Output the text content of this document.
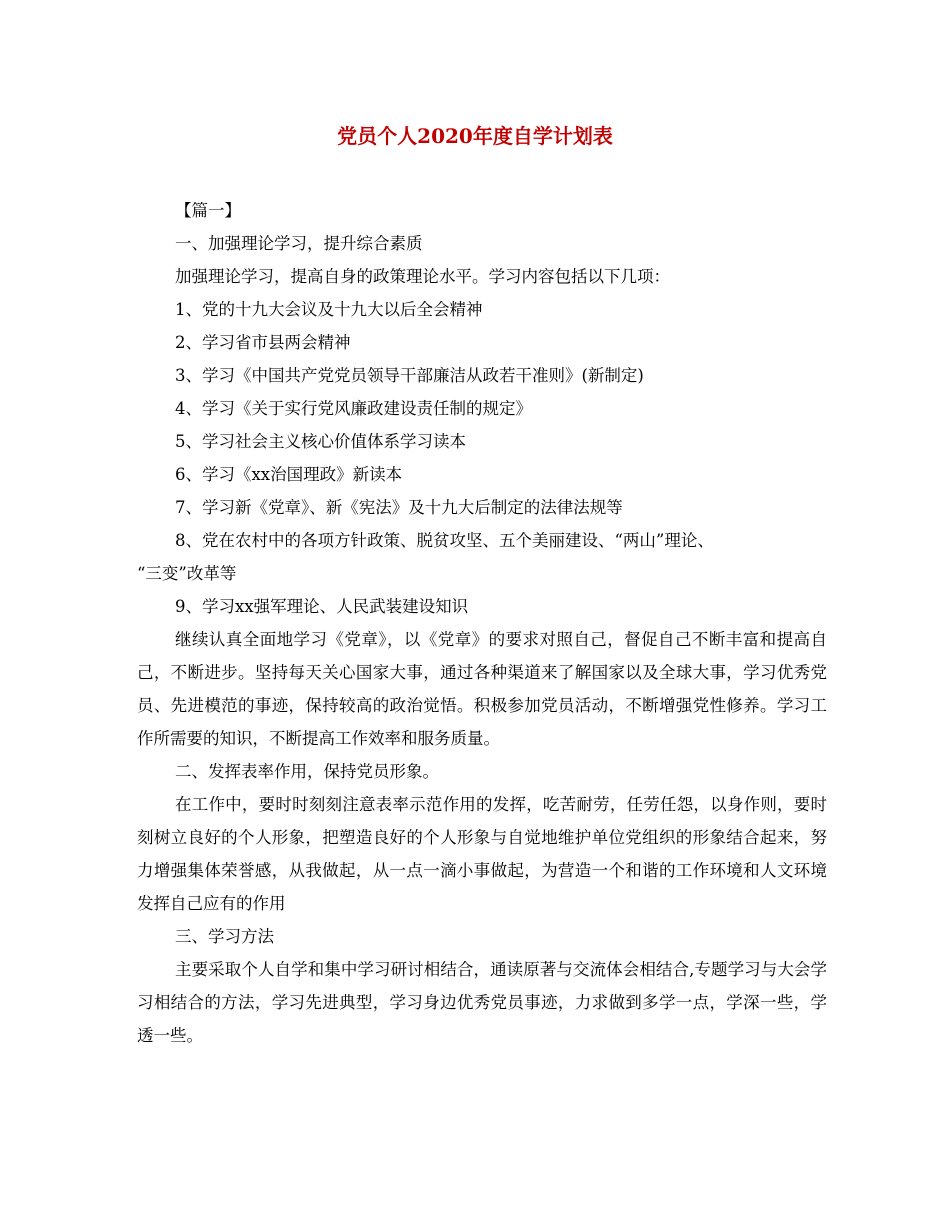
党员个人2020年度自学计划表

【篇一】

一、加强理论学习，提升综合素质

加强理论学习，提高自身的政策理论水平。学习内容包括以下几项：

1、党的十九大会议及十九大以后全会精神

2、学习省市县两会精神

3、学习《中国共产党党员领导干部廉洁从政若干准则》(新制定)

4、学习《关于实行党风廉政建设责任制的规定》

5、学习社会主义核心价值体系学习读本

6、学习《xx治国理政》新读本

7、学习新《党章》、新《宪法》及十九大后制定的法律法规等

8、党在农村中的各项方针政策、脱贫攻坚、五个美丽建设、“两山”理论、

“三变”改革等

9、学习xx强军理论、人民武装建设知识

继续认真全面地学习《党章》，以《党章》的要求对照自己，督促自己不断丰富和提高自己，不断进步。坚持每天关心国家大事，通过各种渠道来了解国家以及全球大事，学习优秀党员、先进模范的事迹，保持较高的政治觉悟。积极参加党员活动，不断增强党性修养。学习工作所需要的知识，不断提高工作效率和服务质量。

二、发挥表率作用，保持党员形象。

在工作中，要时时刻刻注意表率示范作用的发挥，吃苦耐劳，任劳任怨，以身作则，要时刻树立良好的个人形象，把塑造良好的个人形象与自觉地维护单位党组织的形象结合起来，努力增强集体荣誉感，从我做起，从一点一滴小事做起，为营造一个和谐的工作环境和人文环境发挥自己应有的作用

三、学习方法

主要采取个人自学和集中学习研讨相结合，通读原著与交流体会相结合,专题学习与大会学习相结合的方法，学习先进典型，学习身边优秀党员事迹，力求做到多学一点，学深一些，学透一些。
